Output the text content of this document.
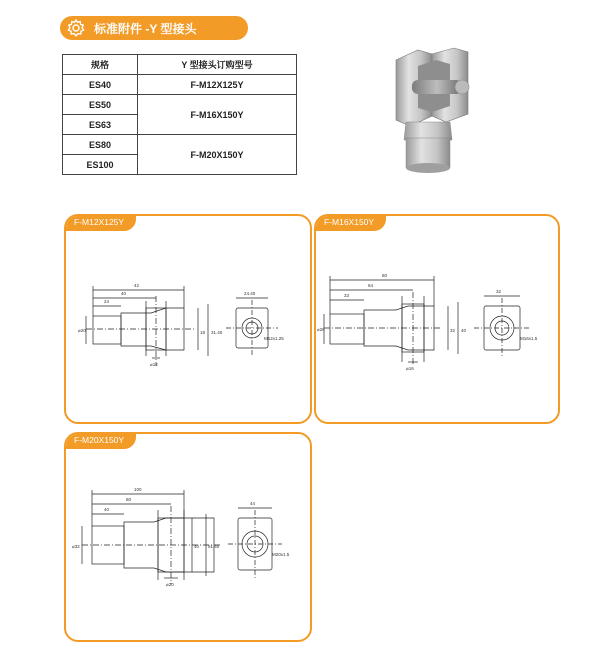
标准附件 -Y 型接头
规格	Y 型接头订购型号
ES40	F-M12X125Y
ES50	F-M16X150Y
ES63	
ES80	F-M20X150Y
ES100	
F-M12X125Y
42
40
24
⌀20	18 31.40
⌀12
24.40
M12x1.25
F-M16X150Y
80
64
33
⌀26	32 40
⌀16
32
M16x1.5
F-M20X150Y
100
80
40
⌀32	40 51.40
⌀20
44
M20x1.5
